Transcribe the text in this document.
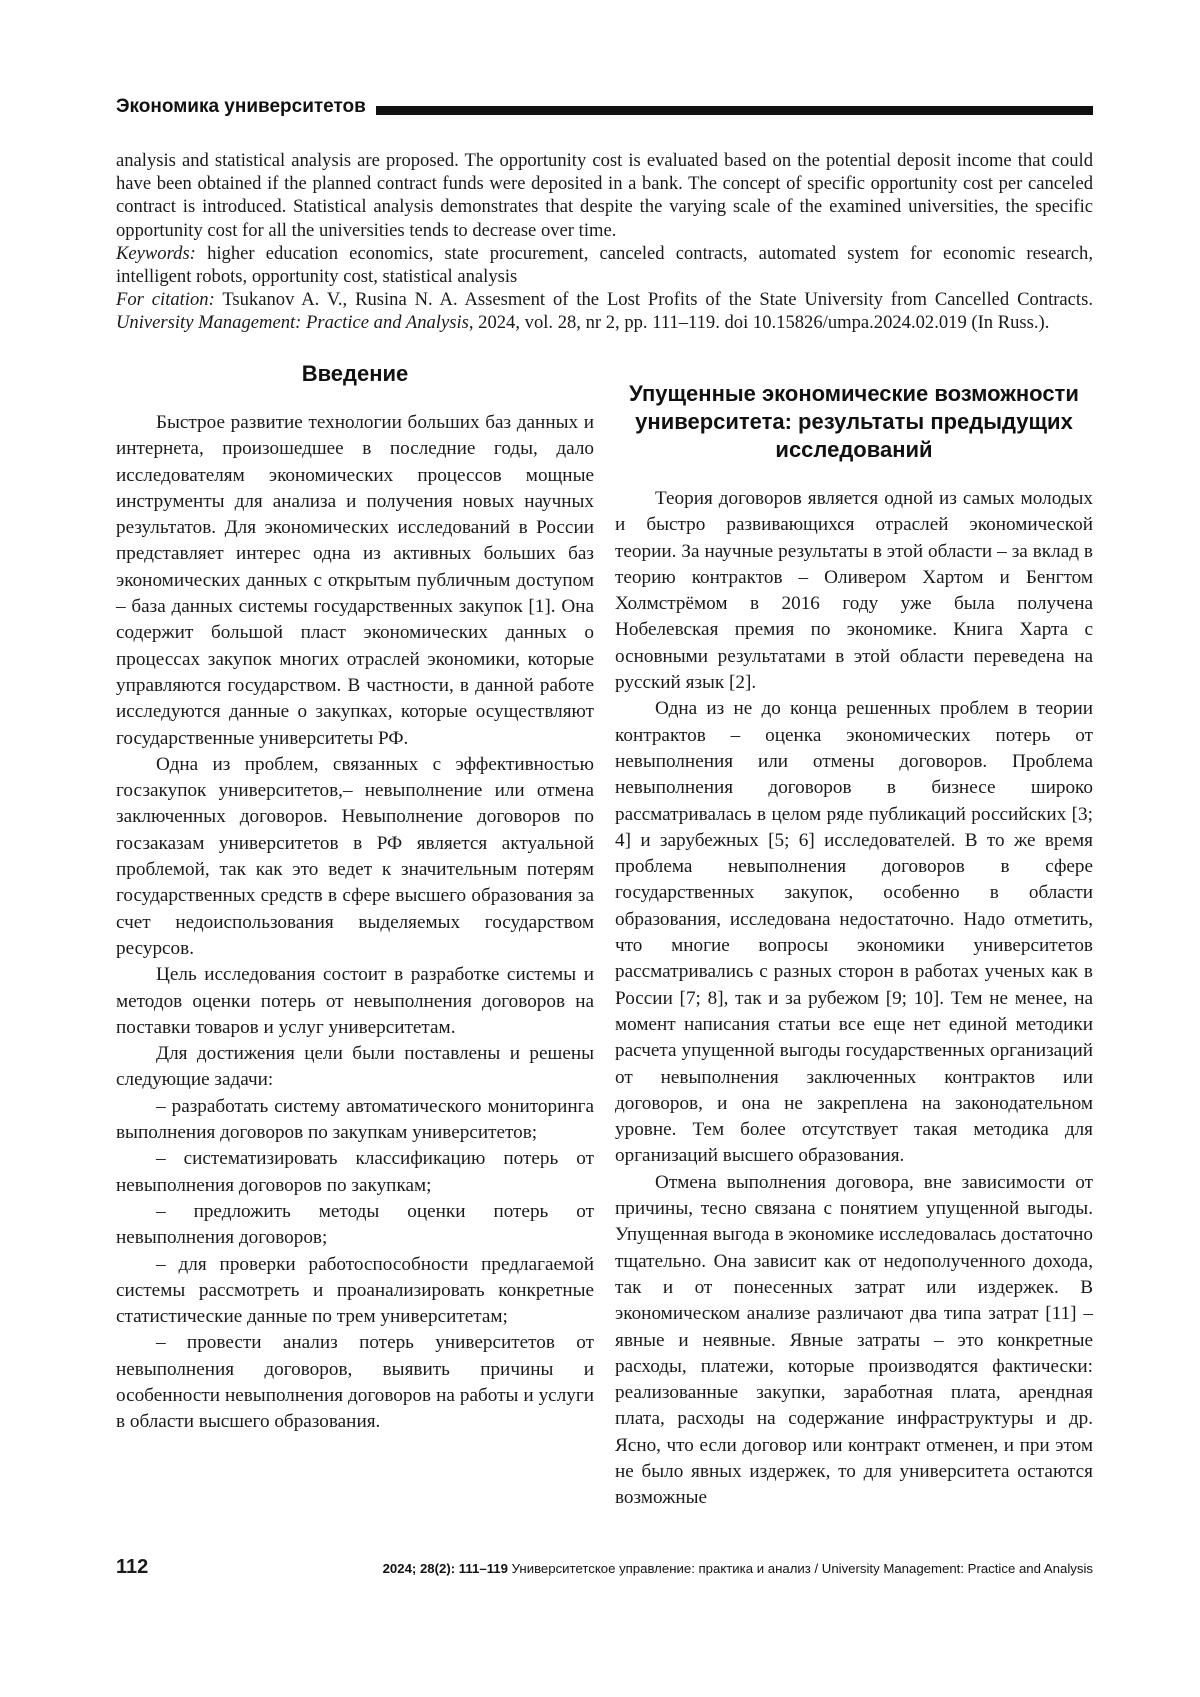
Экономика университетов

analysis and statistical analysis are proposed. The opportunity cost is evaluated based on the potential deposit income that could have been obtained if the planned contract funds were deposited in a bank. The concept of specific opportunity cost per canceled contract is introduced. Statistical analysis demonstrates that despite the varying scale of the examined universities, the specific opportunity cost for all the universities tends to decrease over time.

Keywords: higher education economics, state procurement, canceled contracts, automated system for economic research, intelligent robots, opportunity cost, statistical analysis

For citation: Tsukanov A. V., Rusina N. A. Assesment of the Lost Profits of the State University from Cancelled Contracts. University Management: Practice and Analysis, 2024, vol. 28, nr 2, pp. 111–119. doi 10.15826/umpa.2024.02.019 (In Russ.).

Введение

Быстрое развитие технологии больших баз данных и интернета, произошедшее в последние годы, дало исследователям экономических процессов мощные инструменты для анализа и получения новых научных результатов. Для экономических исследований в России представляет интерес одна из активных больших баз экономических данных с открытым публичным доступом – база данных системы государственных закупок [1]. Она содержит большой пласт экономических данных о процессах закупок многих отраслей экономики, которые управляются государством. В частности, в данной работе исследуются данные о закупках, которые осуществляют государственные университеты РФ.

Одна из проблем, связанных с эффективностью госзакупок университетов,– невыполнение или отмена заключенных договоров. Невыполнение договоров по госзаказам университетов в РФ является актуальной проблемой, так как это ведет к значительным потерям государственных средств в сфере высшего образования за счет недоиспользования выделяемых государством ресурсов.

Цель исследования состоит в разработке системы и методов оценки потерь от невыполнения договоров на поставки товаров и услуг университетам.

Для достижения цели были поставлены и решены следующие задачи:

– разработать систему автоматического мониторинга выполнения договоров по закупкам университетов;

– систематизировать классификацию потерь от невыполнения договоров по закупкам;

– предложить методы оценки потерь от невыполнения договоров;

– для проверки работоспособности предлагаемой системы рассмотреть и проанализировать конкретные статистические данные по трем университетам;

– провести анализ потерь университетов от невыполнения договоров, выявить причины и особенности невыполнения договоров на работы и услуги в области высшего образования.

Упущенные экономические возможности университета: результаты предыдущих исследований

Теория договоров является одной из самых молодых и быстро развивающихся отраслей экономической теории. За научные результаты в этой области – за вклад в теорию контрактов – Оливером Хартом и Бенгтом Холмстрёмом в 2016 году уже была получена Нобелевская премия по экономике. Книга Харта с основными результатами в этой области переведена на русский язык [2].

Одна из не до конца решенных проблем в теории контрактов – оценка экономических потерь от невыполнения или отмены договоров. Проблема невыполнения договоров в бизнесе широко рассматривалась в целом ряде публикаций российских [3; 4] и зарубежных [5; 6] исследователей. В то же время проблема невыполнения договоров в сфере государственных закупок, особенно в области образования, исследована недостаточно. Надо отметить, что многие вопросы экономики университетов рассматривались с разных сторон в работах ученых как в России [7; 8], так и за рубежом [9; 10]. Тем не менее, на момент написания статьи все еще нет единой методики расчета упущенной выгоды государственных организаций от невыполнения заключенных контрактов или договоров, и она не закреплена на законодательном уровне. Тем более отсутствует такая методика для организаций высшего образования.

Отмена выполнения договора, вне зависимости от причины, тесно связана с понятием упущенной выгоды. Упущенная выгода в экономике исследовалась достаточно тщательно. Она зависит как от недополученного дохода, так и от понесенных затрат или издержек. В экономическом анализе различают два типа затрат [11] – явные и неявные. Явные затраты – это конкретные расходы, платежи, которые производятся фактически: реализованные закупки, заработная плата, арендная плата, расходы на содержание инфраструктуры и др. Ясно, что если договор или контракт отменен, и при этом не было явных издержек, то для университета остаются возможные

112	2024; 28(2): 111–119 Университетское управление: практика и анализ / University Management: Practice and Analysis
